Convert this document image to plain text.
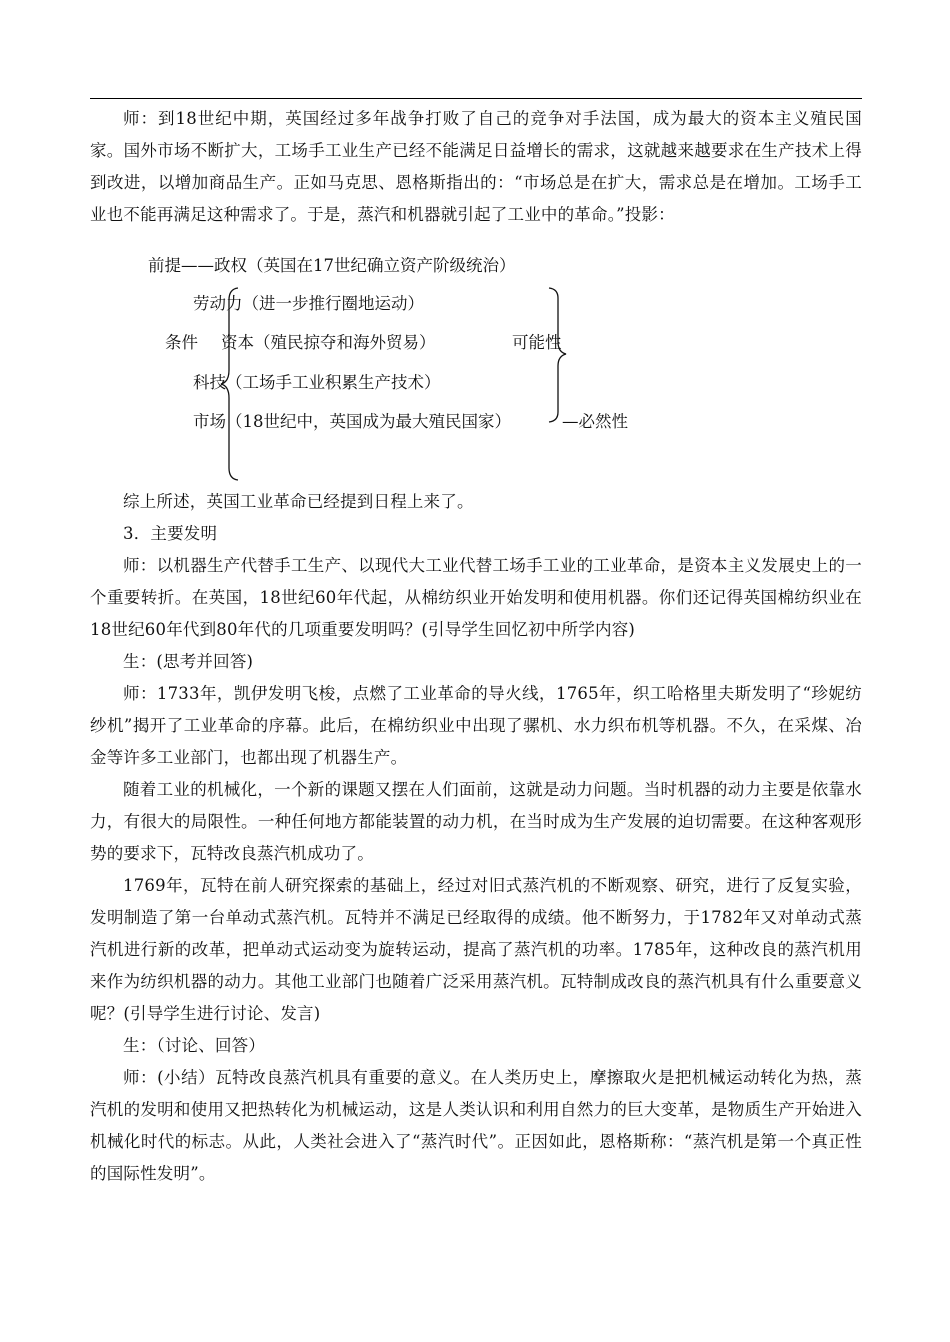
师：到18世纪中期，英国经过多年战争打败了自己的竞争对手法国，成为最大的资本主义殖民国家。国外市场不断扩大，工场手工业生产已经不能满足日益增长的需求，这就越来越要求在生产技术上得到改进，以增加商品生产。正如马克思、恩格斯指出的：“市场总是在扩大，需求总是在增加。工场手工业也不能再满足这种需求了。于是，蒸汽和机器就引起了工业中的革命。”投影：

前提——政权（英国在17世纪确立资产阶级统治）

劳动力（进一步推行圈地运动）

条件 资本（殖民掠夺和海外贸易）	可能性

科技（工场手工业积累生产技术）

市场（18世纪中，英国成为最大殖民国家）	—必然性

综上所述，英国工业革命已经提到日程上来了。

3．主要发明

师：以机器生产代替手工生产、以现代大工业代替工场手工业的工业革命，是资本主义发展史上的一个重要转折。在英国，18世纪60年代起，从棉纺织业开始发明和使用机器。你们还记得英国棉纺织业在18世纪60年代到80年代的几项重要发明吗？(引导学生回忆初中所学内容)

生：(思考并回答)

师：1733年，凯伊发明飞梭，点燃了工业革命的导火线，1765年，织工哈格里夫斯发明了“珍妮纺纱机”揭开了工业革命的序幕。此后，在棉纺织业中出现了骡机、水力织布机等机器。不久，在采煤、冶金等许多工业部门，也都出现了机器生产。

随着工业的机械化，一个新的课题又摆在人们面前，这就是动力问题。当时机器的动力主要是依靠水力，有很大的局限性。一种任何地方都能装置的动力机，在当时成为生产发展的迫切需要。在这种客观形势的要求下，瓦特改良蒸汽机成功了。

1769年，瓦特在前人研究探索的基础上，经过对旧式蒸汽机的不断观察、研究，进行了反复实验，发明制造了第一台单动式蒸汽机。瓦特并不满足已经取得的成绩。他不断努力，于1782年又对单动式蒸汽机进行新的改革，把单动式运动变为旋转运动，提高了蒸汽机的功率。1785年，这种改良的蒸汽机用来作为纺织机器的动力。其他工业部门也随着广泛采用蒸汽机。瓦特制成改良的蒸汽机具有什么重要意义呢？(引导学生进行讨论、发言)

生：（讨论、回答）

师：(小结）瓦特改良蒸汽机具有重要的意义。在人类历史上，摩擦取火是把机械运动转化为热，蒸汽机的发明和使用又把热转化为机械运动，这是人类认识和利用自然力的巨大变革，是物质生产开始进入机械化时代的标志。从此，人类社会进入了“蒸汽时代”。正因如此，恩格斯称：“蒸汽机是第一个真正性的国际性发明”。
